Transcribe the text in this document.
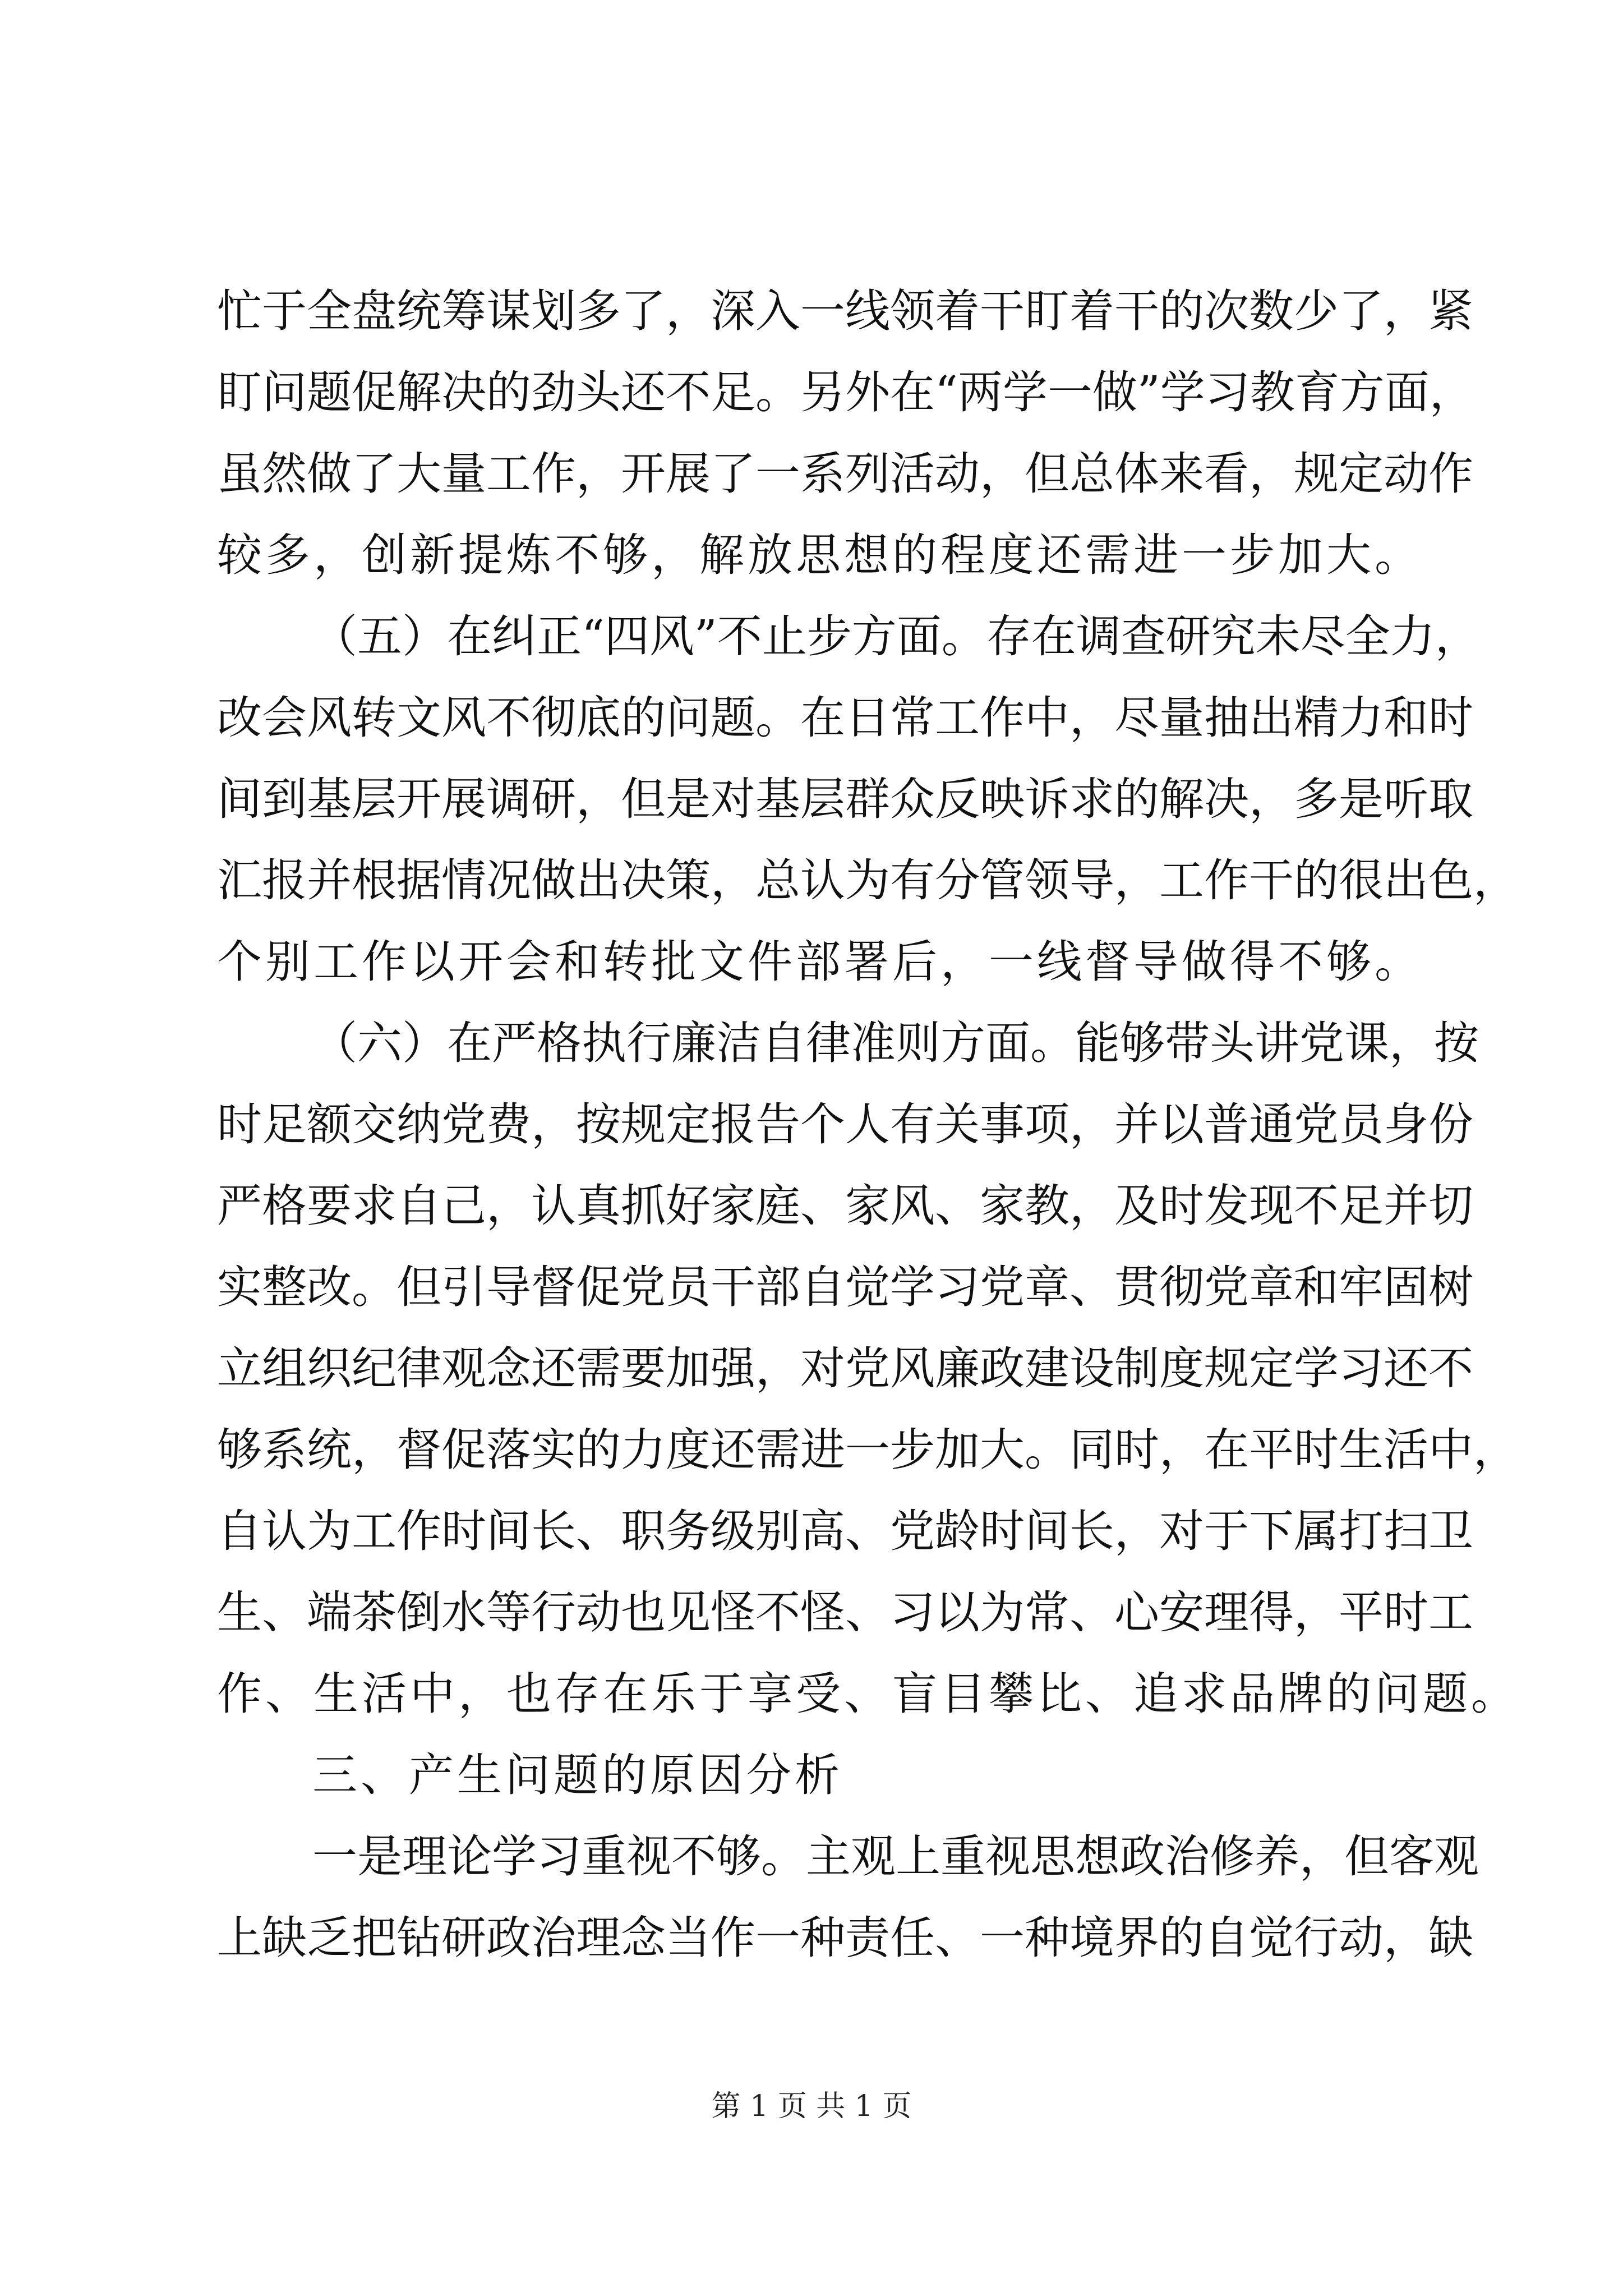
忙于全盘统筹谋划多了，深入一线领着干盯着干的次数少了，紧
盯问题促解决的劲头还不足。另外在“两学一做”学习教育方面，
虽然做了大量工作，开展了一系列活动，但总体来看，规定动作
较多，创新提炼不够，解放思想的程度还需进一步加大。
（五）在纠正“四风”不止步方面。存在调查研究未尽全力，
改会风转文风不彻底的问题。在日常工作中，尽量抽出精力和时
间到基层开展调研，但是对基层群众反映诉求的解决，多是听取
汇报并根据情况做出决策，总认为有分管领导，工作干的很出色，
个别工作以开会和转批文件部署后，一线督导做得不够。
（六）在严格执行廉洁自律准则方面。能够带头讲党课，按
时足额交纳党费，按规定报告个人有关事项，并以普通党员身份
严格要求自己，认真抓好家庭、家风、家教，及时发现不足并切
实整改。但引导督促党员干部自觉学习党章、贯彻党章和牢固树
立组织纪律观念还需要加强，对党风廉政建设制度规定学习还不
够系统，督促落实的力度还需进一步加大。同时，在平时生活中，
自认为工作时间长、职务级别高、党龄时间长，对于下属打扫卫
生、端茶倒水等行动也见怪不怪、习以为常、心安理得，平时工
作、生活中，也存在乐于享受、盲目攀比、追求品牌的问题。
三、产生问题的原因分析
一是理论学习重视不够。主观上重视思想政治修养，但客观
上缺乏把钻研政治理念当作一种责任、一种境界的自觉行动，缺
第 1 页 共 1 页
